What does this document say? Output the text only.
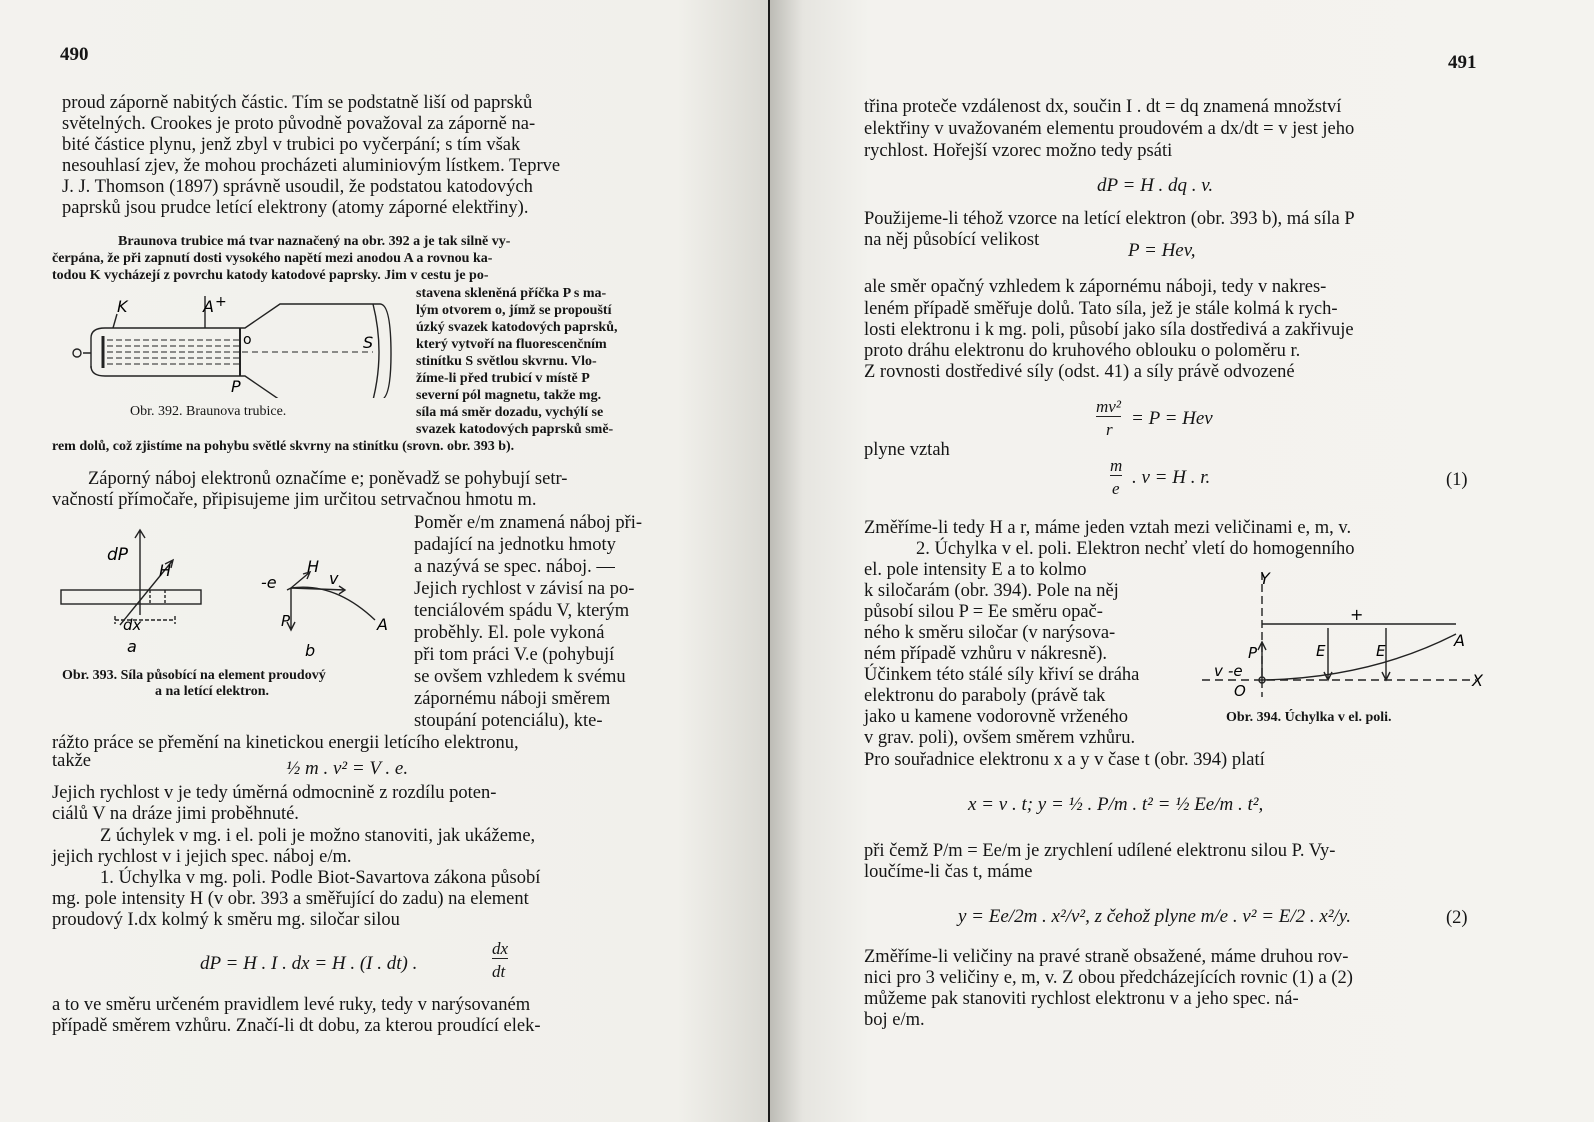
490
proud záporně nabitých částic. Tím se podstatně liší od paprsků
světelných. Crookes je proto původně považoval za záporně na-
bité částice plynu, jenž zbyl v trubici po vyčerpání; s tím však
nesouhlasí zjev, že mohou procházeti aluminiovým lístkem. Teprve
J. J. Thomson (1897) správně usoudil, že podstatou katodových
paprsků jsou prudce letící elektrony (atomy záporné elektřiny).
Braunova trubice má tvar naznačený na obr. 392 a je tak silně vy-
čerpána, že při zapnutí dosti vysokého napětí mezi anodou A a rovnou ka-
todou K vycházejí z povrchu katody katodové paprsky. Jim v cestu je po-
stavena skleněná příčka P s ma-
lým otvorem o, jímž se propouští
úzký svazek katodových paprsků,
který vytvoří na fluorescenčním
stinítku S světlou skvrnu. Vlo-
žíme-li před trubicí v místě P
severní pól magnetu, takže mg.
síla má směr dozadu, vychýlí se
svazek katodových paprsků smě-
rem dolů, což zjistíme na pohybu světlé skvrny na stinítku (srovn. obr. 393 b).
A +
K
o	S
P
Obr. 392. Braunova trubice.
Záporný náboj elektronů označíme e; poněvadž se pohybují setr-
vačností přímočaře, připisujeme jim určitou setrvačnou hmotu m.
Poměr e/m znamená náboj při-
padající na jednotku hmoty
a nazývá se spec. náboj. —
Jejich rychlost v závisí na po-
tenciálovém spádu V, kterým
proběhly. El. pole vykoná
při tom práci V.e (pohybují
se ovšem vzhledem k svému
zápornému náboji směrem
stoupání potenciálu), kte-
dP
H
dx
a
-e
H
v
P	A
b
Obr. 393. Síla působící na element proudový
a na letící elektron.
rážto práce se přemění na kinetickou energii letícího elektronu,
takže	½ m . v² = V . e.
Jejich rychlost v je tedy úměrná odmocnině z rozdílu poten-
ciálů V na dráze jimi proběhnuté.
Z úchylek v mg. i el. poli je možno stanoviti, jak ukážeme,
jejich rychlost v i jejich spec. náboj e/m.
1. Úchylka v mg. poli. Podle Biot-Savartova zákona působí
mg. pole intensity H (v obr. 393 a směřující do zadu) na element
proudový I.dx kolmý k směru mg. siločar silou
dP = H . I . dx = H . (I . dt) .
dx
dt
a to ve směru určeném pravidlem levé ruky, tedy v narýsovaném
případě směrem vzhůru. Značí-li dt dobu, za kterou proudící elek-
491
třina proteče vzdálenost dx, součin I . dt = dq znamená množství
elektřiny v uvažovaném elementu proudovém a dx/dt = v jest jeho
rychlost. Hořejší vzorec možno tedy psáti
dP = H . dq . v.
Použijeme-li téhož vzorce na letící elektron (obr. 393 b), má síla P
na něj působící velikost	P = Hev,
ale směr opačný vzhledem k zápornému náboji, tedy v nakres-
leném případě směřuje dolů. Tato síla, jež je stále kolmá k rych-
losti elektronu i k mg. poli, působí jako síla dostředivá a zakřivuje
proto dráhu elektronu do kruhového oblouku o poloměru r.
Z rovnosti dostředivé síly (odst. 41) a síly právě odvozené
mv²
r
= P = Hev
plyne vztah
m
e
. v = H . r.	(1)
Změříme-li tedy H a r, máme jeden vztah mezi veličinami e, m, v.
2. Úchylka v el. poli. Elektron nechť vletí do homogenního
el. pole intensity E a to kolmo
k siločarám (obr. 394). Pole na něj
působí silou P = Ee směru opač-
ného k směru siločar (v narýsova-
ném případě vzhůru v nákresně).
Účinkem této stálé síly křiví se dráha
elektronu do paraboly (právě tak
jako u kamene vodorovně vrženého
v grav. poli), ovšem směrem vzhůru.
Y
+
P	E	E
A
v -e
O
X
Obr. 394. Úchylka v el. poli.
Pro souřadnice elektronu x a y v čase t (obr. 394) platí
x = v . t; y = ½ . P/m . t² = ½ Ee/m . t²,
při čemž P/m = Ee/m je zrychlení udílené elektronu silou P. Vy-
loučíme-li čas t, máme
y = Ee/2m . x²/v², z čehož plyne m/e . v² = E/2 . x²/y.	(2)
Změříme-li veličiny na pravé straně obsažené, máme druhou rov-
nici pro 3 veličiny e, m, v. Z obou předcházejících rovnic (1) a (2)
můžeme pak stanoviti rychlost elektronu v a jeho spec. ná-
boj e/m.
